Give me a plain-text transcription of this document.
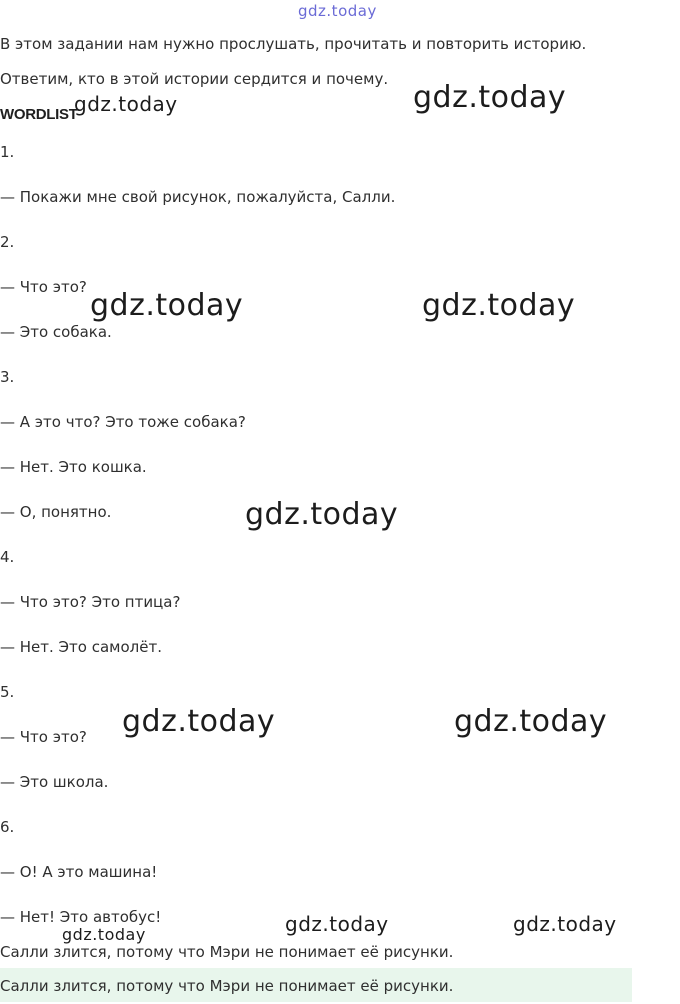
gdz.today
gdz.today
gdz.today
gdz.today	gdz.today
gdz.today
gdz.today	gdz.today
gdz.today	gdz.today
gdz.today
В этом задании нам нужно прослушать, прочитать и повторить историю.
Ответим, кто в этой истории сердится и почему.
WORDLIST
1.
— Покажи мне свой рисунок, пожалуйста, Салли.
2.
— Что это?
— Это собака.
3.
— А это что? Это тоже собака?
— Нет. Это кошка.
— О, понятно.
4.
— Что это? Это птица?
— Нет. Это самолёт.
5.
— Что это?
— Это школа.
6.
— О! А это машина!
— Нет! Это автобус!
Салли злится, потому что Мэри не понимает её рисунки.
Салли злится, потому что Мэри не понимает её рисунки.
